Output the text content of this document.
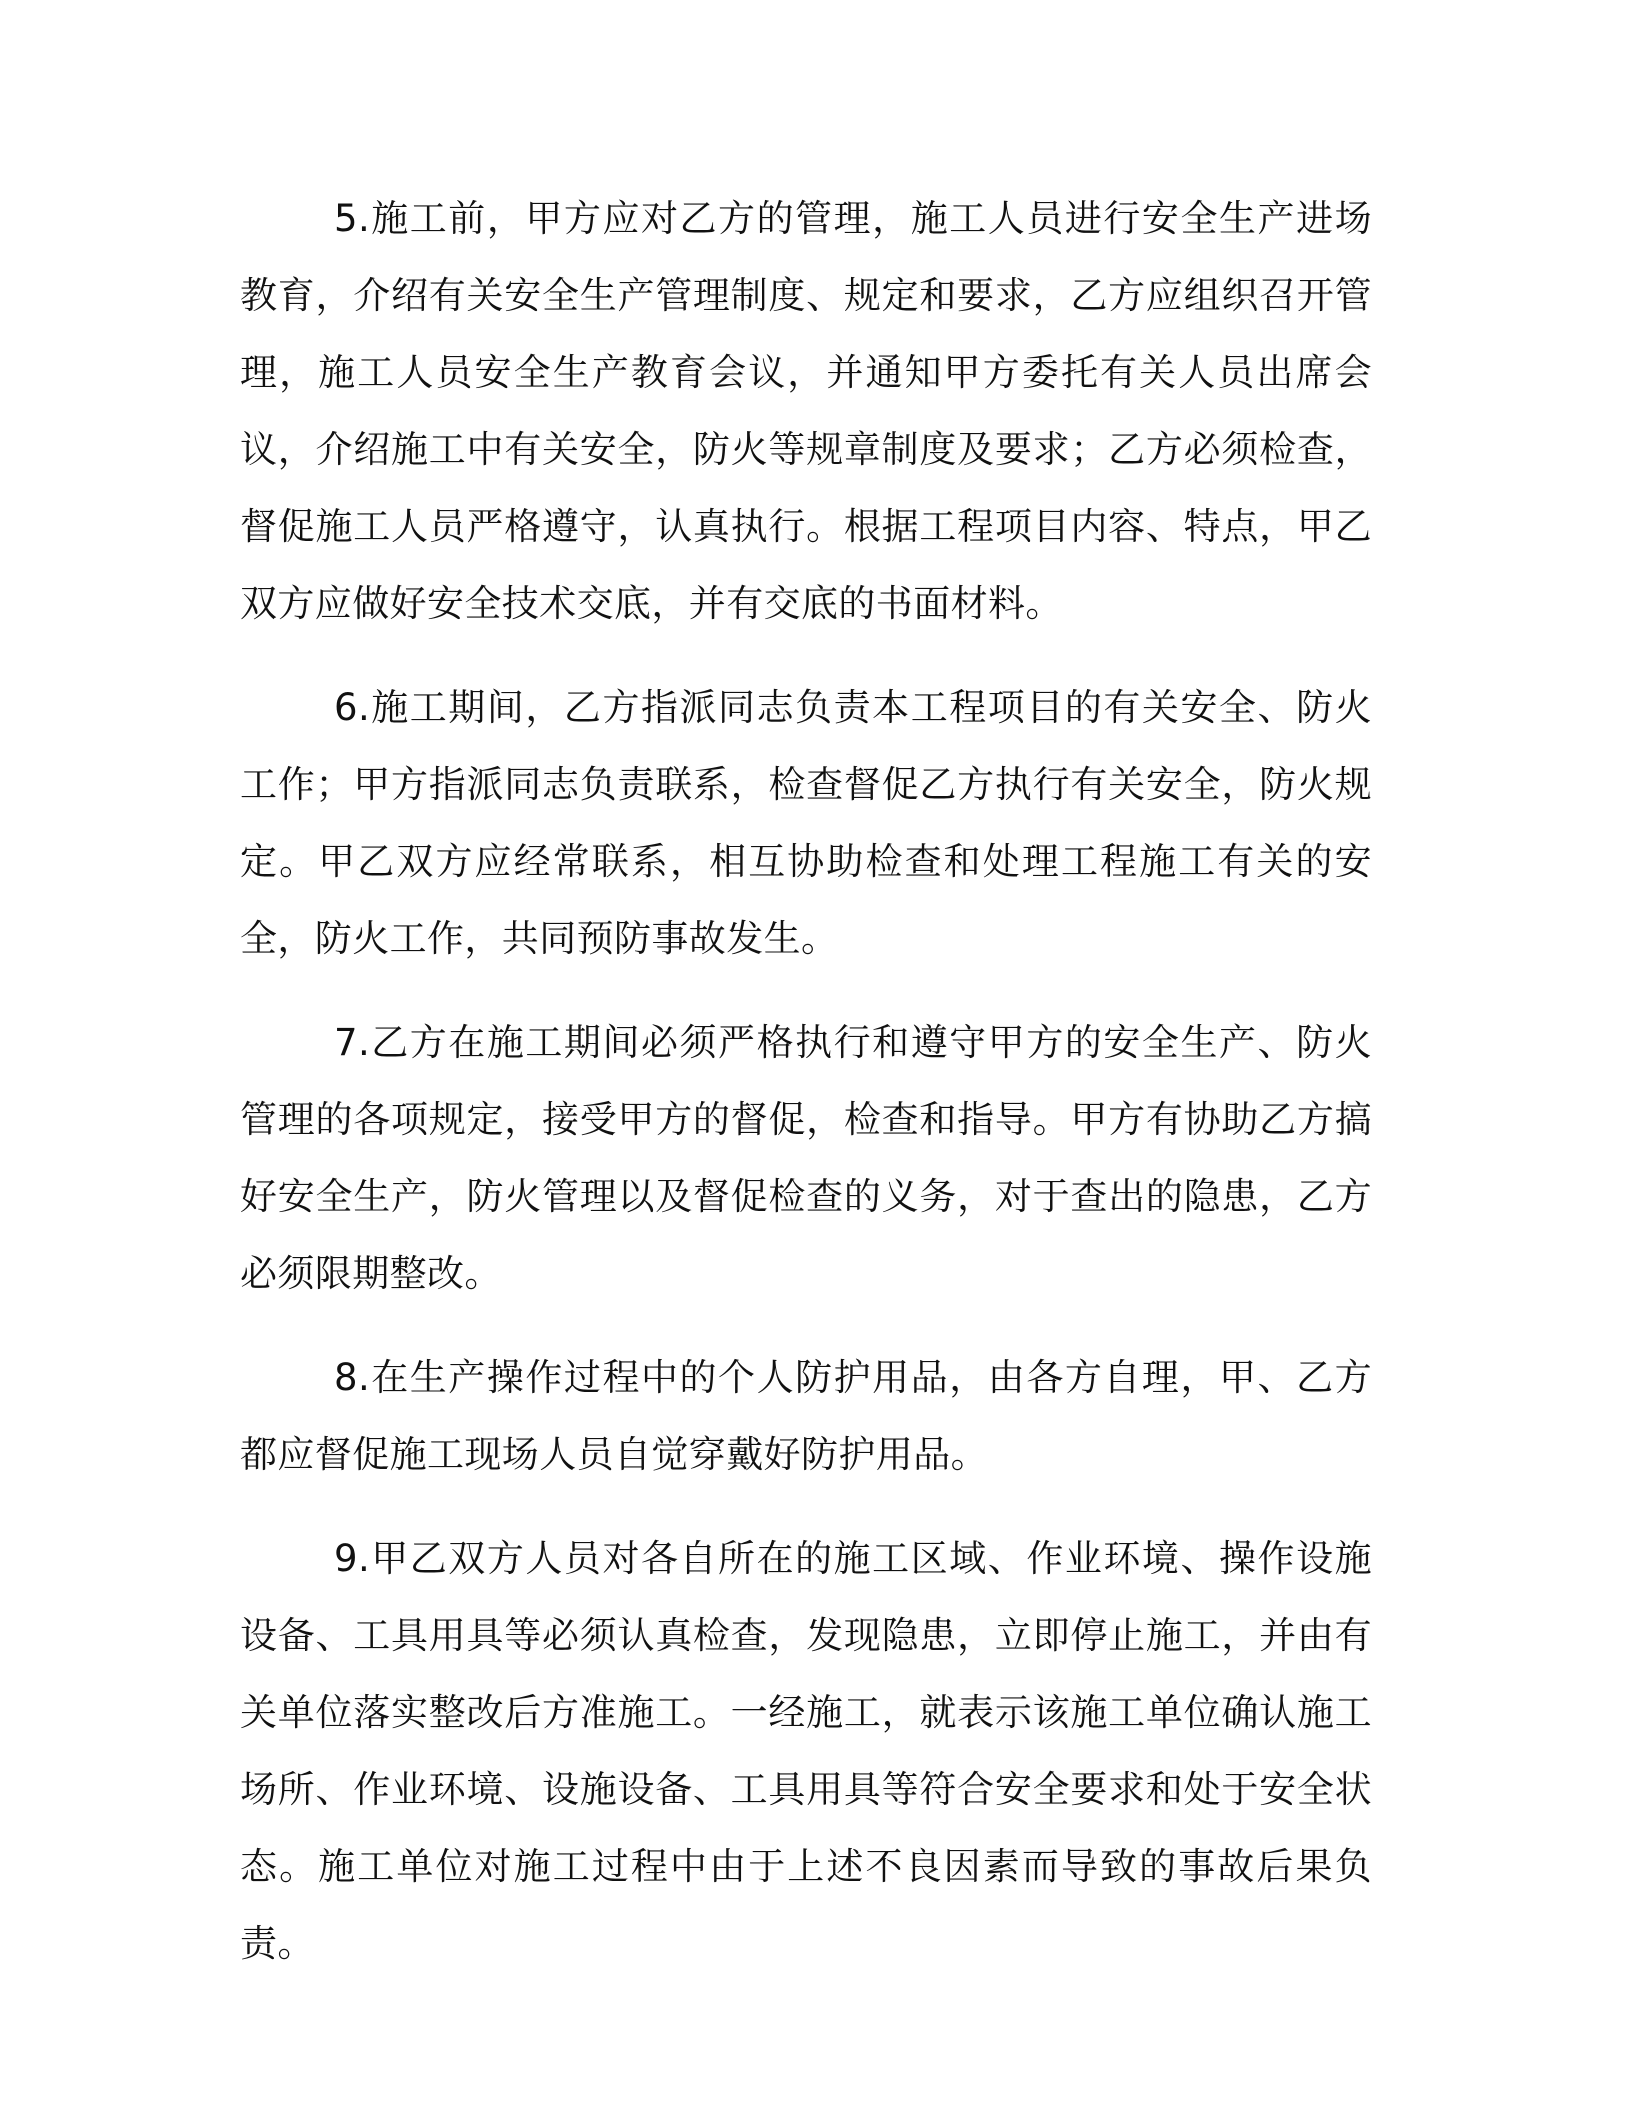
5.施工前，甲方应对乙方的管理，施工人员进行安全生产进场教育，介绍有关安全生产管理制度、规定和要求，乙方应组织召开管理，施工人员安全生产教育会议，并通知甲方委托有关人员出席会议，介绍施工中有关安全，防火等规章制度及要求；乙方必须检查，督促施工人员严格遵守，认真执行。根据工程项目内容、特点，甲乙双方应做好安全技术交底，并有交底的书面材料。

6.施工期间，乙方指派同志负责本工程项目的有关安全、防火工作；甲方指派同志负责联系，检查督促乙方执行有关安全，防火规定。甲乙双方应经常联系，相互协助检查和处理工程施工有关的安全，防火工作，共同预防事故发生。

7.乙方在施工期间必须严格执行和遵守甲方的安全生产、防火管理的各项规定，接受甲方的督促，检查和指导。甲方有协助乙方搞好安全生产，防火管理以及督促检查的义务，对于查出的隐患，乙方必须限期整改。

8.在生产操作过程中的个人防护用品，由各方自理，甲、乙方都应督促施工现场人员自觉穿戴好防护用品。

9.甲乙双方人员对各自所在的施工区域、作业环境、操作设施设备、工具用具等必须认真检查，发现隐患，立即停止施工，并由有关单位落实整改后方准施工。一经施工，就表示该施工单位确认施工场所、作业环境、设施设备、工具用具等符合安全要求和处于安全状态。施工单位对施工过程中由于上述不良因素而导致的事故后果负责。
